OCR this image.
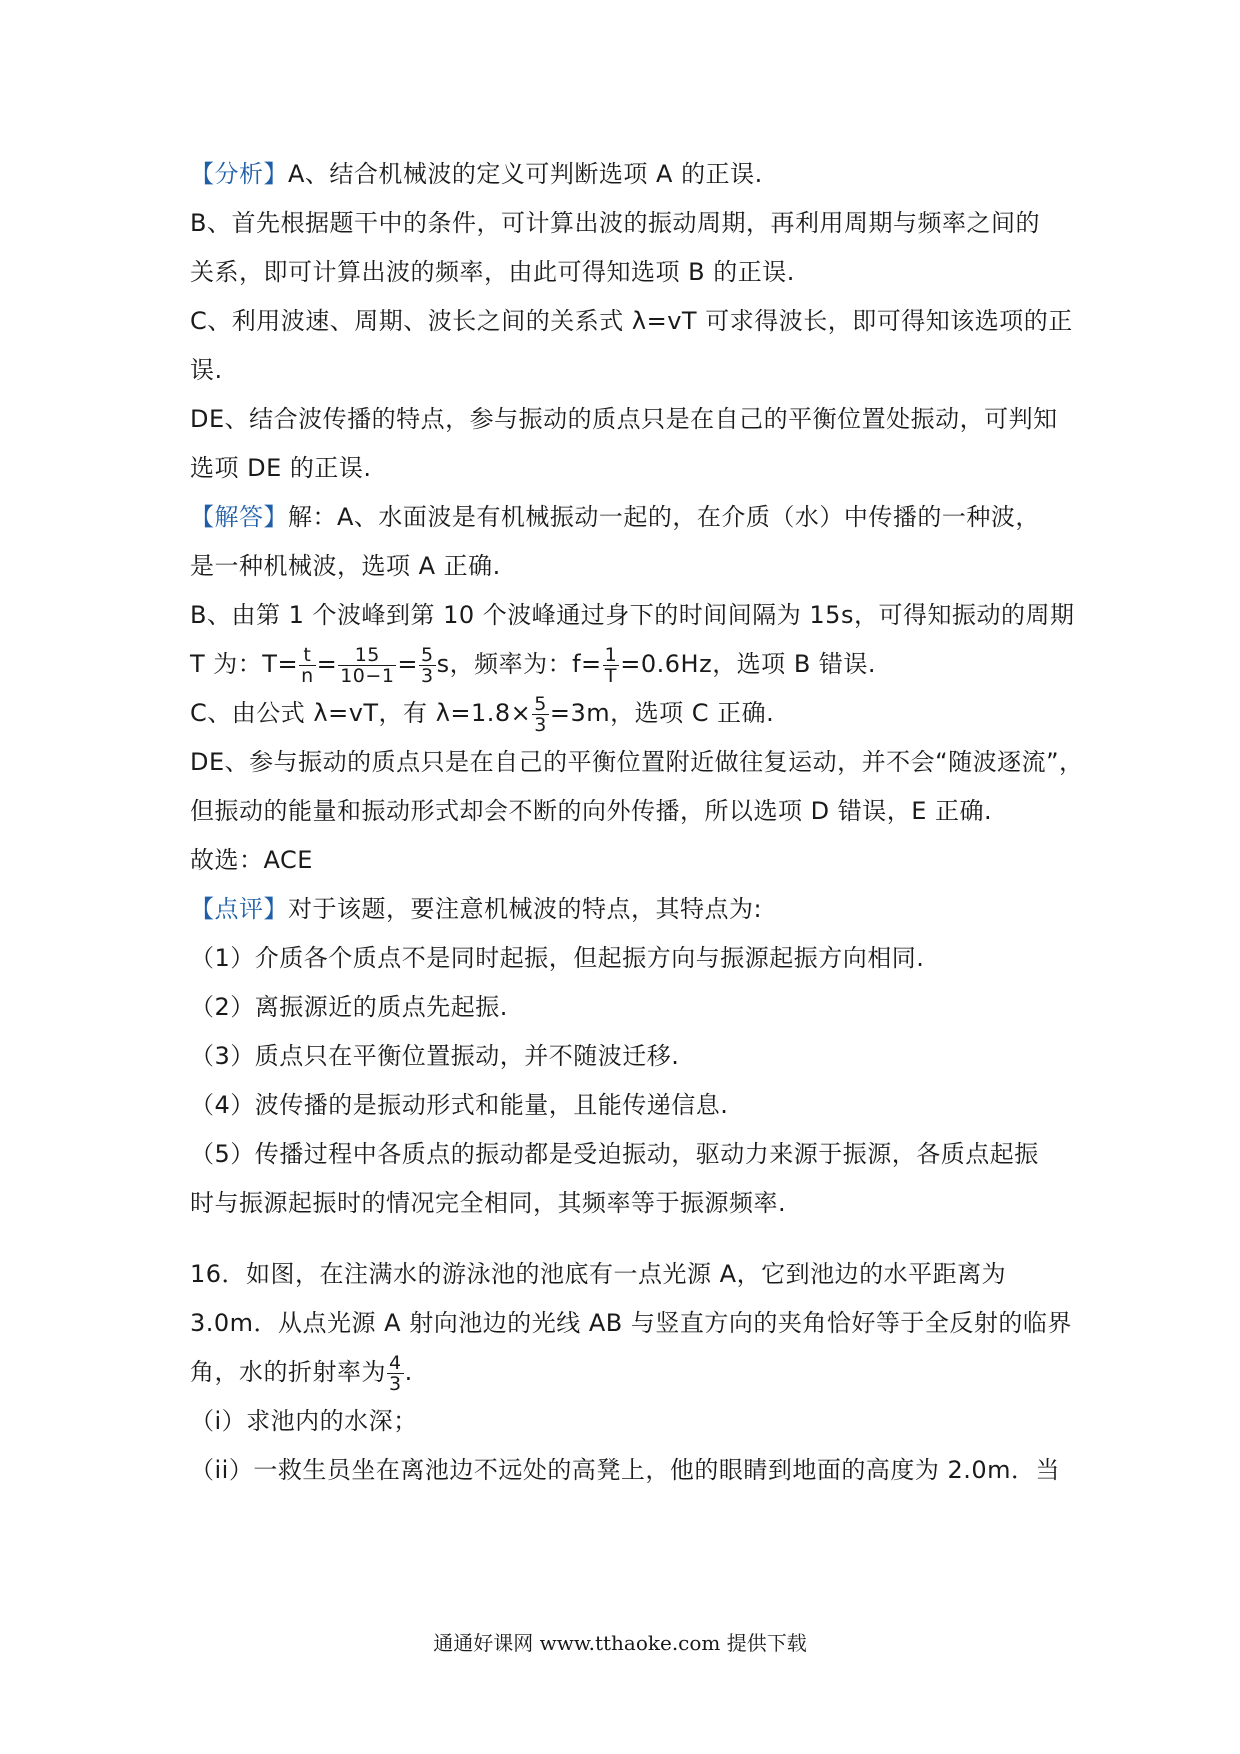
【分析】A、结合机械波的定义可判断选项 A 的正误.
B、首先根据题干中的条件，可计算出波的振动周期，再利用周期与频率之间的
关系，即可计算出波的频率，由此可得知选项 B 的正误.
C、利用波速、周期、波长之间的关系式 λ=vT 可求得波长，即可得知该选项的正
误.
DE、结合波传播的特点，参与振动的质点只是在自己的平衡位置处振动，可判知
选项 DE 的正误.
【解答】解：A、水面波是有机械振动一起的，在介质（水）中传播的一种波，
是一种机械波，选项 A 正确.
B、由第 1 个波峰到第 10 个波峰通过身下的时间间隔为 15s，可得知振动的周期
T 为：$T= \frac{t}{n} = \frac{15}{10-1} = \frac{5}{3}$ s，频率为：$f= \frac{1}{T} =0.6Hz$，选项 B 错误.
C、由公式 λ=vT，有 $\lambda=1.8\times \frac{5}{3} =3m$，选项 C 正确.
DE、参与振动的质点只是在自己的平衡位置附近做往复运动，并不会“随波逐流”，
但振动的能量和振动形式却会不断的向外传播，所以选项 D 错误，E 正确.
故选：ACE
【点评】对于该题，要注意机械波的特点，其特点为:
（1）介质各个质点不是同时起振，但起振方向与振源起振方向相同.
（2）离振源近的质点先起振.
（3）质点只在平衡位置振动，并不随波迁移.
（4）波传播的是振动形式和能量，且能传递信息.
（5）传播过程中各质点的振动都是受迫振动，驱动力来源于振源，各质点起振
时与振源起振时的情况完全相同，其频率等于振源频率.
16．如图，在注满水的游泳池的池底有一点光源 A，它到池边的水平距离为
3.0m．从点光源 A 射向池边的光线 AB 与竖直方向的夹角恰好等于全反射的临界
角，水的折射率为 $\frac{4}{3}$ .
（i）求池内的水深；
（ii）一救生员坐在离池边不远处的高凳上，他的眼睛到地面的高度为 2.0m．当
通通好课网 www.tthaoke.com 提供下载
